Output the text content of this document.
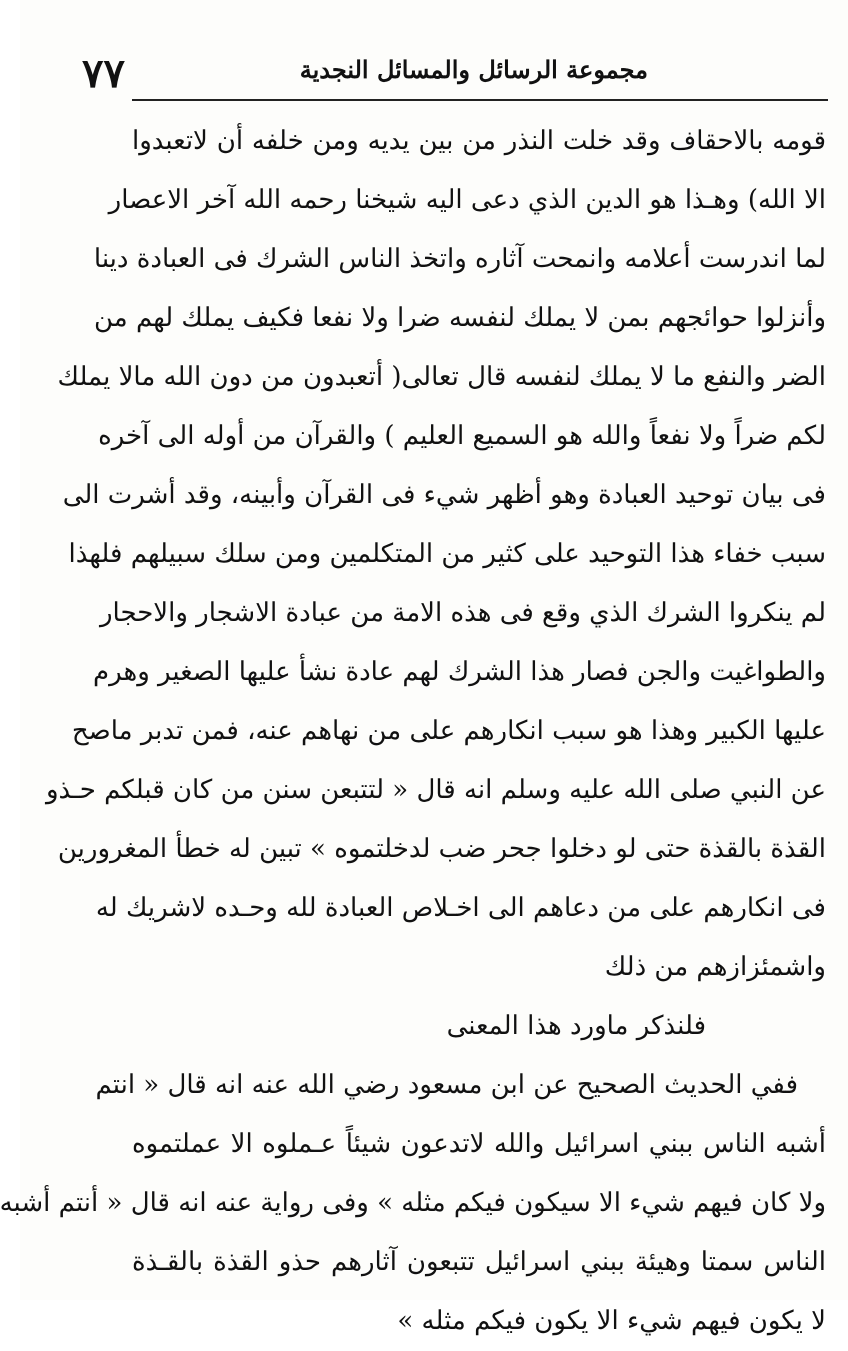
٧٧	مجموعة الرسائل والمسائل النجدية
قومه بالاحقاف وقد خلت النذر من بين يديه ومن خلفه أن لاتعبدوا
الا الله) وهـذا هو الدين الذي دعى اليه شيخنا رحمه الله آخر الاعصار
لما اندرست أعلامه وانمحت آثاره واتخذ الناس الشرك فى العبادة دينا
وأنزلوا حوائجهم بمن لا يملك لنفسه ضرا ولا نفعا فكيف يملك لهم من
الضر والنفع ما لا يملك لنفسه قال تعالى( أتعبدون من دون الله مالا يملك
لكم ضراً ولا نفعاً والله هو السميع العليم ) والقرآن من أوله الى آخره
فى بيان توحيد العبادة وهو أظهر شيء فى القرآن وأبينه، وقد أشرت الى
سبب خفاء هذا التوحيد على كثير من المتكلمين ومن سلك سبيلهم فلهذا
لم ينكروا الشرك الذي وقع فى هذه الامة من عبادة الاشجار والاحجار
والطواغيت والجن فصار هذا الشرك لهم عادة نشأ عليها الصغير وهرم
عليها الكبير وهذا هو سبب انكارهم على من نهاهم عنه، فمن تدبر ماصح
عن النبي صلى الله عليه وسلم انه قال « لتتبعن سنن من كان قبلكم حـذو
القذة بالقذة حتى لو دخلوا جحر ضب لدخلتموه » تبين له خطأ المغرورين
فى انكارهم على من دعاهم الى اخـلاص العبادة لله وحـده لاشريك له
واشمئزازهم من ذلك
فلنذكر ماورد هذا المعنى
ففي الحديث الصحيح عن ابن مسعود رضي الله عنه انه قال « انتم
أشبه الناس ببني اسرائيل والله لاتدعون شيئاً عـملوه الا عملتموه
ولا كان فيهم شيء الا سيكون فيكم مثله » وفى رواية عنه انه قال « أنتم أشبه
الناس سمتا وهيئة ببني اسرائيل تتبعون آثارهم حذو القذة بالقـذة
لا يكون فيهم شيء الا يكون فيكم مثله »
